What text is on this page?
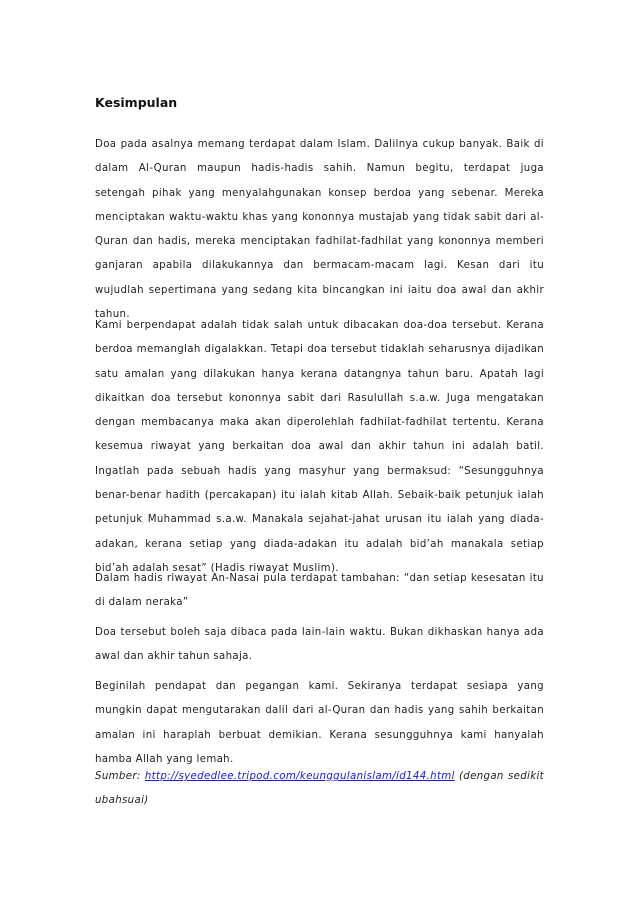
Kesimpulan
Doa pada asalnya memang terdapat dalam Islam. Dalilnya cukup banyak. Baik di
dalam Al-Quran maupun hadis-hadis sahih. Namun begitu, terdapat juga
setengah pihak yang menyalahgunakan konsep berdoa yang sebenar. Mereka
menciptakan waktu-waktu khas yang kononnya mustajab yang tidak sabit dari al-
Quran dan hadis, mereka menciptakan fadhilat-fadhilat yang kononnya memberi
ganjaran apabila dilakukannya dan bermacam-macam lagi. Kesan dari itu
wujudlah sepertimana yang sedang kita bincangkan ini iaitu doa awal dan akhir
tahun.
Kami berpendapat adalah tidak salah untuk dibacakan doa-doa tersebut. Kerana
berdoa memanglah digalakkan. Tetapi doa tersebut tidaklah seharusnya dijadikan
satu amalan yang dilakukan hanya kerana datangnya tahun baru. Apatah lagi
dikaitkan doa tersebut kononnya sabit dari Rasulullah s.a.w. Juga mengatakan
dengan membacanya maka akan diperolehlah fadhilat-fadhilat tertentu. Kerana
kesemua riwayat yang berkaitan doa awal dan akhir tahun ini adalah batil.
Ingatlah pada sebuah hadis yang masyhur yang bermaksud: “Sesungguhnya
benar-benar hadith (percakapan) itu ialah kitab Allah. Sebaik-baik petunjuk ialah
petunjuk Muhammad s.a.w. Manakala sejahat-jahat urusan itu ialah yang diada-
adakan, kerana setiap yang diada-adakan itu adalah bid’ah manakala setiap
bid’ah adalah sesat” (Hadis riwayat Muslim).
Dalam hadis riwayat An-Nasai pula terdapat tambahan: “dan setiap kesesatan itu
di dalam neraka”
Doa tersebut boleh saja dibaca pada lain-lain waktu. Bukan dikhaskan hanya ada
awal dan akhir tahun sahaja.
Beginilah pendapat dan pegangan kami. Sekiranya terdapat sesiapa yang
mungkin dapat mengutarakan dalil dari al-Quran dan hadis yang sahih berkaitan
amalan ini haraplah berbuat demikian. Kerana sesungguhnya kami hanyalah
hamba Allah yang lemah.
Sumber: http://syededlee.tripod.com/keunggulanislam/id144.html (dengan sedikit
ubahsuai)
